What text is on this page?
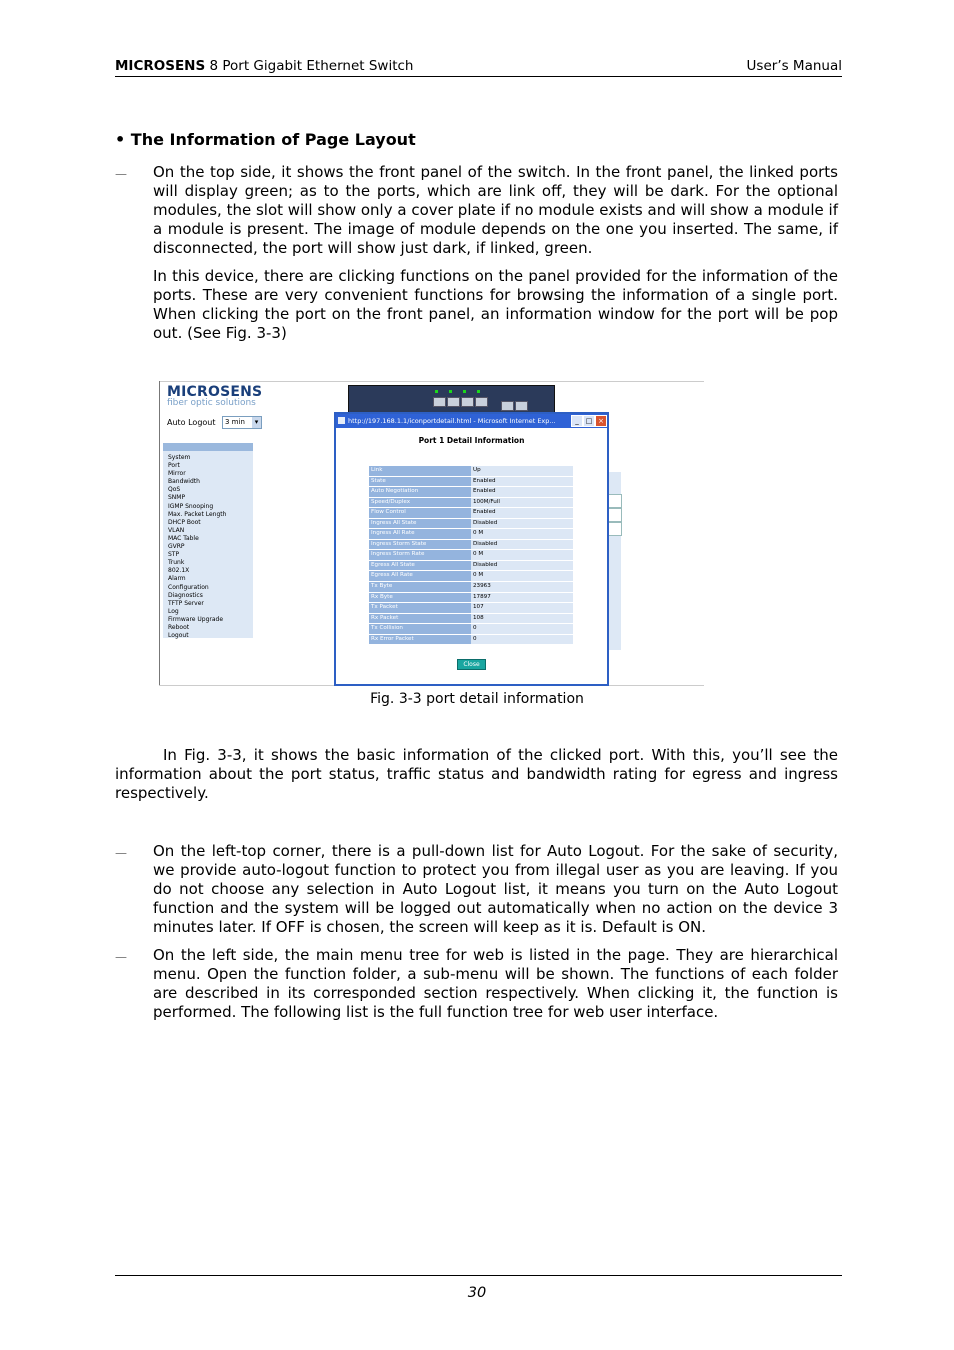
MICROSENS 8 Port Gigabit Ethernet Switch	User’s Manual
• The Information of Page Layout
— On the top side, it shows the front panel of the switch. In the front panel, the linked ports will display green; as to the ports, which are link off, they will be dark. For the optional modules, the slot will show only a cover plate if no module exists and will show a module if a module is present. The image of module depends on the one you inserted. The same, if disconnected, the port will show just dark, if linked, green.
In this device, there are clicking functions on the panel provided for the information of the ports. These are very convenient functions for browsing the information of a single port. When clicking the port on the front panel, an information window for the port will be pop out. (See Fig. 3-3)
MICROSENS
fiber optic solutions
Auto Logout 3 min	▾
System
Port
Mirror
Bandwidth
QoS
SNMP
IGMP Snooping
Max. Packet Length
DHCP Boot
VLAN
MAC Table
GVRP
STP
Trunk
802.1X
Alarm
Configuration
Diagnostics
TFTP Server
Log
Firmware Upgrade
Reboot
Logout
http://197.168.1.1/iconportdetail.html - Microsoft Internet Exp...	_ □ ×
Port 1 Detail Information
Link	Up
State	Enabled
Auto Negotiation	Enabled
Speed/Duplex	100M/Full
Flow Control	Enabled
Ingress All State	Disabled
Ingress All Rate	0 M
Ingress Storm State	Disabled
Ingress Storm Rate	0 M
Egress All State	Disabled
Egress All Rate	0 M
Tx Byte	23963
Rx Byte	17897
Tx Packet	107
Rx Packet	108
Tx Collision	0
Rx Error Packet	0
Close
Fig. 3-3 port detail information
In Fig. 3-3, it shows the basic information of the clicked port. With this, you’ll see the information about the port status, traffic status and bandwidth rating for egress and ingress respectively.
— On the left-top corner, there is a pull-down list for Auto Logout. For the sake of security, we provide auto-logout function to protect you from illegal user as you are leaving. If you do not choose any selection in Auto Logout list, it means you turn on the Auto Logout function and the system will be logged out automatically when no action on the device 3 minutes later. If OFF is chosen, the screen will keep as it is. Default is ON.
— On the left side, the main menu tree for web is listed in the page. They are hierarchical menu. Open the function folder, a sub-menu will be shown. The functions of each folder are described in its corresponded section respectively. When clicking it, the function is performed. The following list is the full function tree for web user interface.
30
